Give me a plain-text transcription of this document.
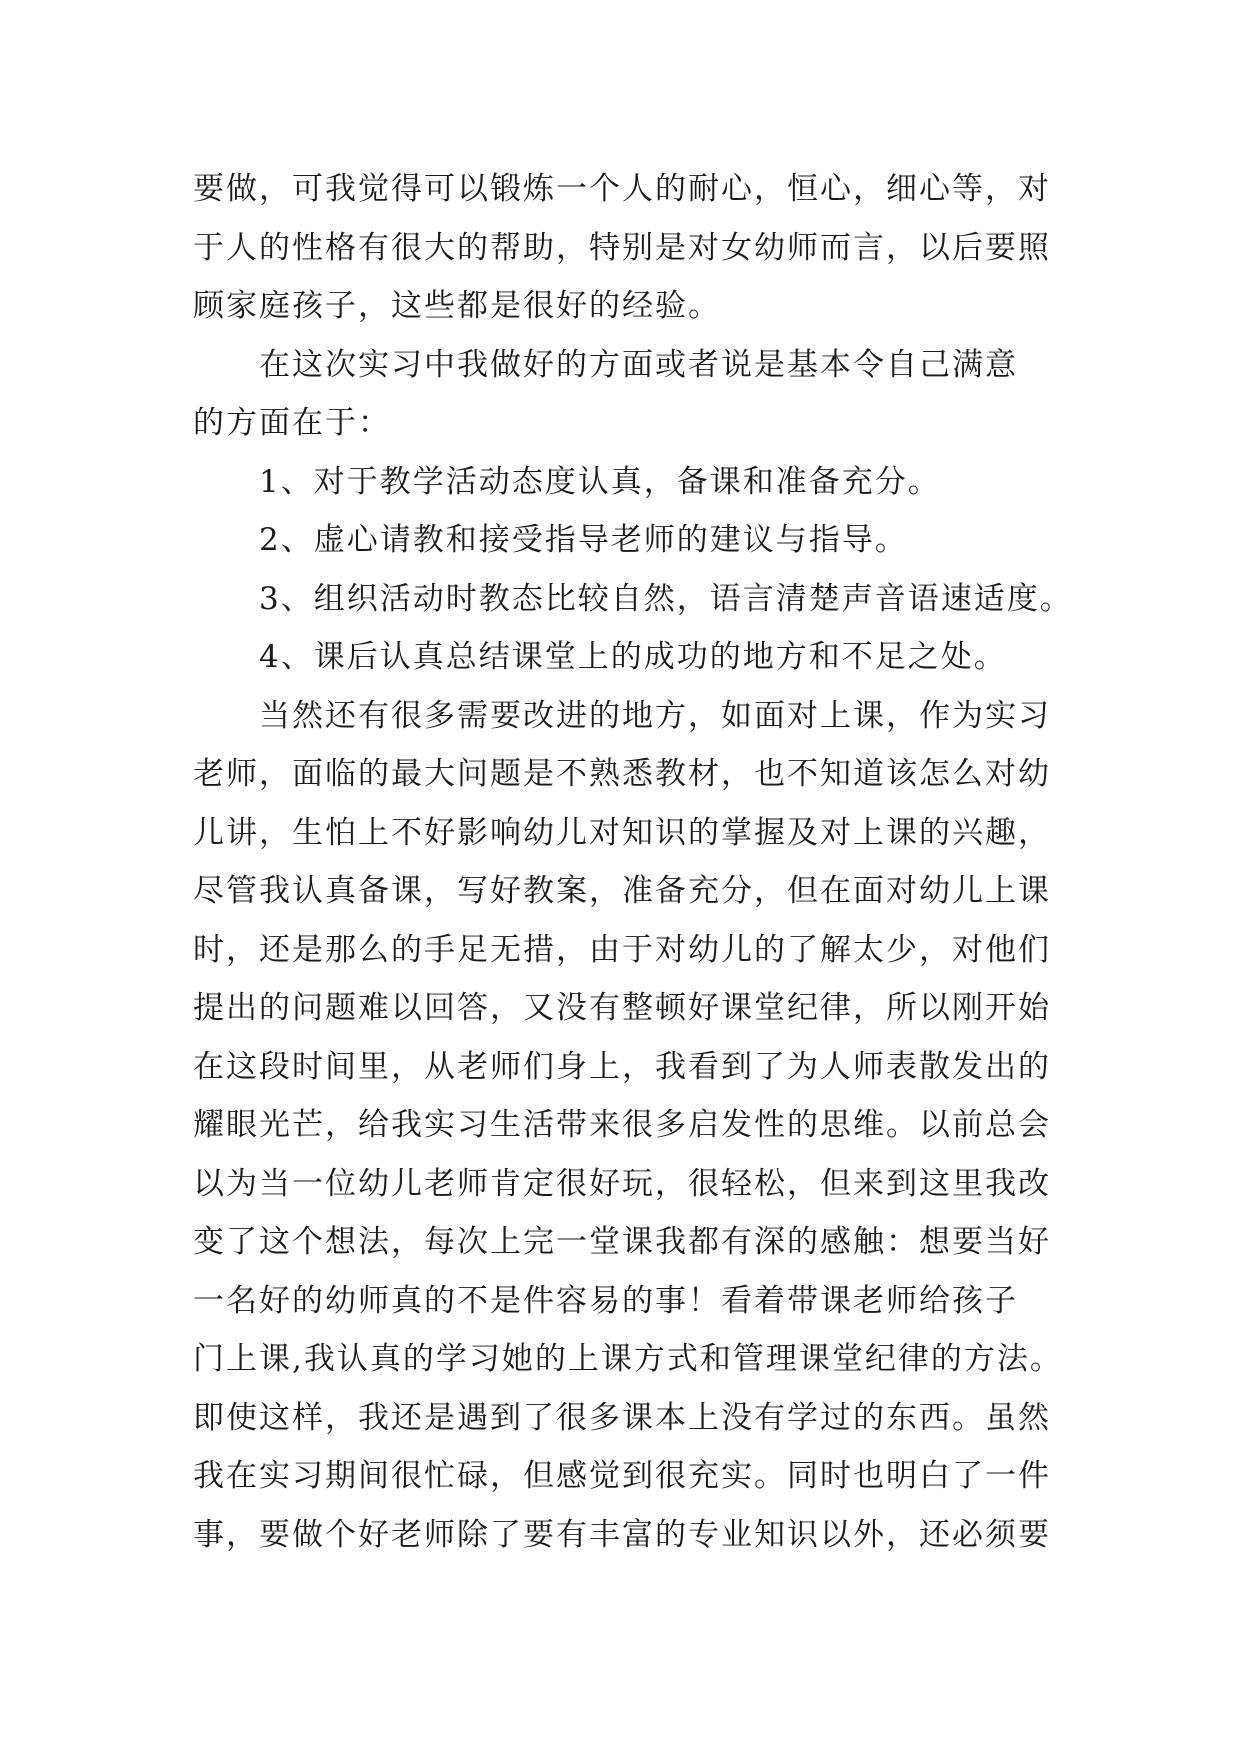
要做，可我觉得可以锻炼一个人的耐心，恒心，细心等，对
于人的性格有很大的帮助，特别是对女幼师而言，以后要照
顾家庭孩子，这些都是很好的经验。
在这次实习中我做好的方面或者说是基本令自己满意
的方面在于：
1、对于教学活动态度认真，备课和准备充分。
2、虚心请教和接受指导老师的建议与指导。
3、组织活动时教态比较自然，语言清楚声音语速适度。
4、课后认真总结课堂上的成功的地方和不足之处。
当然还有很多需要改进的地方，如面对上课，作为实习
老师，面临的最大问题是不熟悉教材，也不知道该怎么对幼
儿讲，生怕上不好影响幼儿对知识的掌握及对上课的兴趣，
尽管我认真备课，写好教案，准备充分，但在面对幼儿上课
时，还是那么的手足无措，由于对幼儿的了解太少，对他们
提出的问题难以回答，又没有整顿好课堂纪律，所以刚开始
在这段时间里，从老师们身上，我看到了为人师表散发出的
耀眼光芒，给我实习生活带来很多启发性的思维。以前总会
以为当一位幼儿老师肯定很好玩，很轻松，但来到这里我改
变了这个想法，每次上完一堂课我都有深的感触：想要当好
一名好的幼师真的不是件容易的事！看着带课老师给孩子
门上课,我认真的学习她的上课方式和管理课堂纪律的方法。
即使这样，我还是遇到了很多课本上没有学过的东西。虽然
我在实习期间很忙碌，但感觉到很充实。同时也明白了一件
事，要做个好老师除了要有丰富的专业知识以外，还必须要
